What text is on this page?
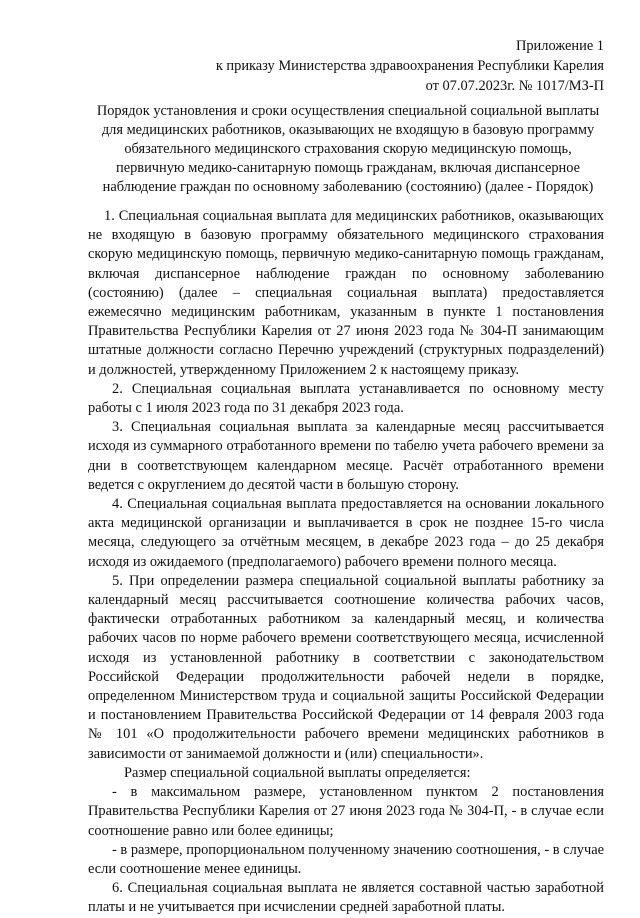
Приложение 1
к приказу Министерства здравоохранения Республики Карелия
от 07.07.2023г. № 1017/МЗ-П
Порядок установления и сроки осуществления специальной социальной выплаты
для медицинских работников, оказывающих не входящую в базовую программу
обязательного медицинского страхования скорую медицинскую помощь,
первичную медико-санитарную помощь гражданам, включая диспансерное
наблюдение граждан по основному заболеванию (состоянию) (далее - Порядок)

1. Специальная социальная выплата для медицинских работников, оказывающих не входящую в базовую программу обязательного медицинского страхования скорую медицинскую помощь, первичную медико-санитарную помощь гражданам, включая диспансерное наблюдение граждан по основному заболеванию (состоянию) (далее – специальная социальная выплата) предоставляется ежемесячно медицинским работникам, указанным в пункте 1 постановления Правительства Республики Карелия от 27 июня 2023 года № 304-П занимающим штатные должности согласно Перечню учреждений (структурных подразделений) и должностей, утвержденному Приложением 2 к настоящему приказу.

2. Специальная социальная выплата устанавливается по основному месту работы с 1 июля 2023 года по 31 декабря 2023 года.

3. Специальная социальная выплата за календарные месяц рассчитывается исходя из суммарного отработанного времени по табелю учета рабочего времени за дни в соответствующем календарном месяце. Расчёт отработанного времени ведется с округлением до десятой части в большую сторону.

4. Специальная социальная выплата предоставляется на основании локального акта медицинской организации и выплачивается в срок не позднее 15-го числа месяца, следующего за отчётным месяцем, в декабре 2023 года – до 25 декабря исходя из ожидаемого (предполагаемого) рабочего времени полного месяца.

5. При определении размера специальной социальной выплаты работнику за календарный месяц рассчитывается соотношение количества рабочих часов, фактически отработанных работником за календарный месяц, и количества рабочих часов по норме рабочего времени соответствующего месяца, исчисленной исходя из установленной работнику в соответствии с законодательством Российской Федерации продолжительности рабочей недели в порядке, определенном Министерством труда и социальной защиты Российской Федерации и постановлением Правительства Российской Федерации от 14 февраля 2003 года № 101 «О продолжительности рабочего времени медицинских работников в зависимости от занимаемой должности и (или) специальности».

Размер специальной социальной выплаты определяется:

- в максимальном размере, установленном пунктом 2 постановления Правительства Республики Карелия от 27 июня 2023 года № 304-П, - в случае если соотношение равно или более единицы;

- в размере, пропорциональном полученному значению соотношения, - в случае если соотношение менее единицы.

6. Специальная социальная выплата не является составной частью заработной платы и не учитывается при исчислении средней заработной платы.
